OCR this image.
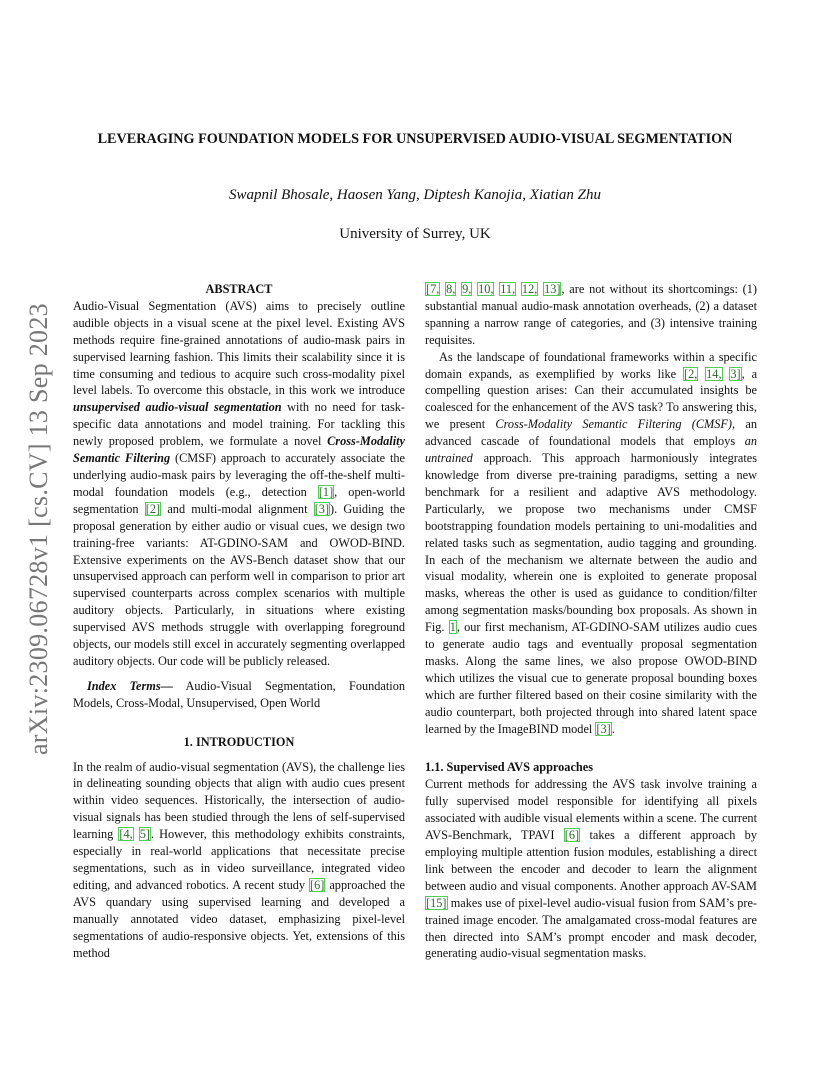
arXiv:2309.06728v1 [cs.CV] 13 Sep 2023
LEVERAGING FOUNDATION MODELS FOR UNSUPERVISED AUDIO-VISUAL SEGMENTATION
Swapnil Bhosale, Haosen Yang, Diptesh Kanojia, Xiatian Zhu
University of Surrey, UK

ABSTRACT

Audio-Visual Segmentation (AVS) aims to precisely outline audible objects in a visual scene at the pixel level. Existing AVS methods require fine-grained annotations of audio-mask pairs in supervised learning fashion. This limits their scalability since it is time consuming and tedious to acquire such cross-modality pixel level labels. To overcome this obstacle, in this work we introduce unsupervised audio-visual segmentation with no need for task-specific data annotations and model training. For tackling this newly proposed problem, we formulate a novel Cross-Modality Semantic Filtering (CMSF) approach to accurately associate the underlying audio-mask pairs by leveraging the off-the-shelf multi-modal foundation models (e.g., detection [1], open-world segmentation [2] and multi-modal alignment [3]). Guiding the proposal generation by either audio or visual cues, we design two training-free variants: AT-GDINO-SAM and OWOD-BIND. Extensive experiments on the AVS-Bench dataset show that our unsupervised approach can perform well in comparison to prior art supervised counterparts across complex scenarios with multiple auditory objects. Particularly, in situations where existing supervised AVS methods struggle with overlapping foreground objects, our models still excel in accurately segmenting overlapped auditory objects. Our code will be publicly released.

Index Terms— Audio-Visual Segmentation, Foundation Models, Cross-Modal, Unsupervised, Open World

1. INTRODUCTION

In the realm of audio-visual segmentation (AVS), the challenge lies in delineating sounding objects that align with audio cues present within video sequences. Historically, the intersection of audio-visual signals has been studied through the lens of self-supervised learning [4, 5]. However, this methodology exhibits constraints, especially in real-world applications that necessitate precise segmentations, such as in video surveillance, integrated video editing, and advanced robotics. A recent study [6] approached the AVS quandary using supervised learning and developed a manually annotated video dataset, emphasizing pixel-level segmentations of audio-responsive objects. Yet, extensions of this method

[7, 8, 9, 10, 11, 12, 13], are not without its shortcomings: (1) substantial manual audio-mask annotation overheads, (2) a dataset spanning a narrow range of categories, and (3) intensive training requisites.

As the landscape of foundational frameworks within a specific domain expands, as exemplified by works like [2, 14, 3], a compelling question arises: Can their accumulated insights be coalesced for the enhancement of the AVS task? To answering this, we present Cross-Modality Semantic Filtering (CMSF), an advanced cascade of foundational models that employs an untrained approach. This approach harmoniously integrates knowledge from diverse pre-training paradigms, setting a new benchmark for a resilient and adaptive AVS methodology. Particularly, we propose two mechanisms under CMSF bootstrapping foundation models pertaining to uni-modalities and related tasks such as segmentation, audio tagging and grounding. In each of the mechanism we alternate between the audio and visual modality, wherein one is exploited to generate proposal masks, whereas the other is used as guidance to condition/filter among segmentation masks/bounding box proposals. As shown in Fig. 1, our first mechanism, AT-GDINO-SAM utilizes audio cues to generate audio tags and eventually proposal segmentation masks. Along the same lines, we also propose OWOD-BIND which utilizes the visual cue to generate proposal bounding boxes which are further filtered based on their cosine similarity with the audio counterpart, both projected through into shared latent space learned by the ImageBIND model [3].

1.1. Supervised AVS approaches

Current methods for addressing the AVS task involve training a fully supervised model responsible for identifying all pixels associated with audible visual elements within a scene. The current AVS-Benchmark, TPAVI [6] takes a different approach by employing multiple attention fusion modules, establishing a direct link between the encoder and decoder to learn the alignment between audio and visual components. Another approach AV-SAM [15] makes use of pixel-level audio-visual fusion from SAM’s pre-trained image encoder. The amalgamated cross-modal features are then directed into SAM’s prompt encoder and mask decoder, generating audio-visual segmentation masks.
